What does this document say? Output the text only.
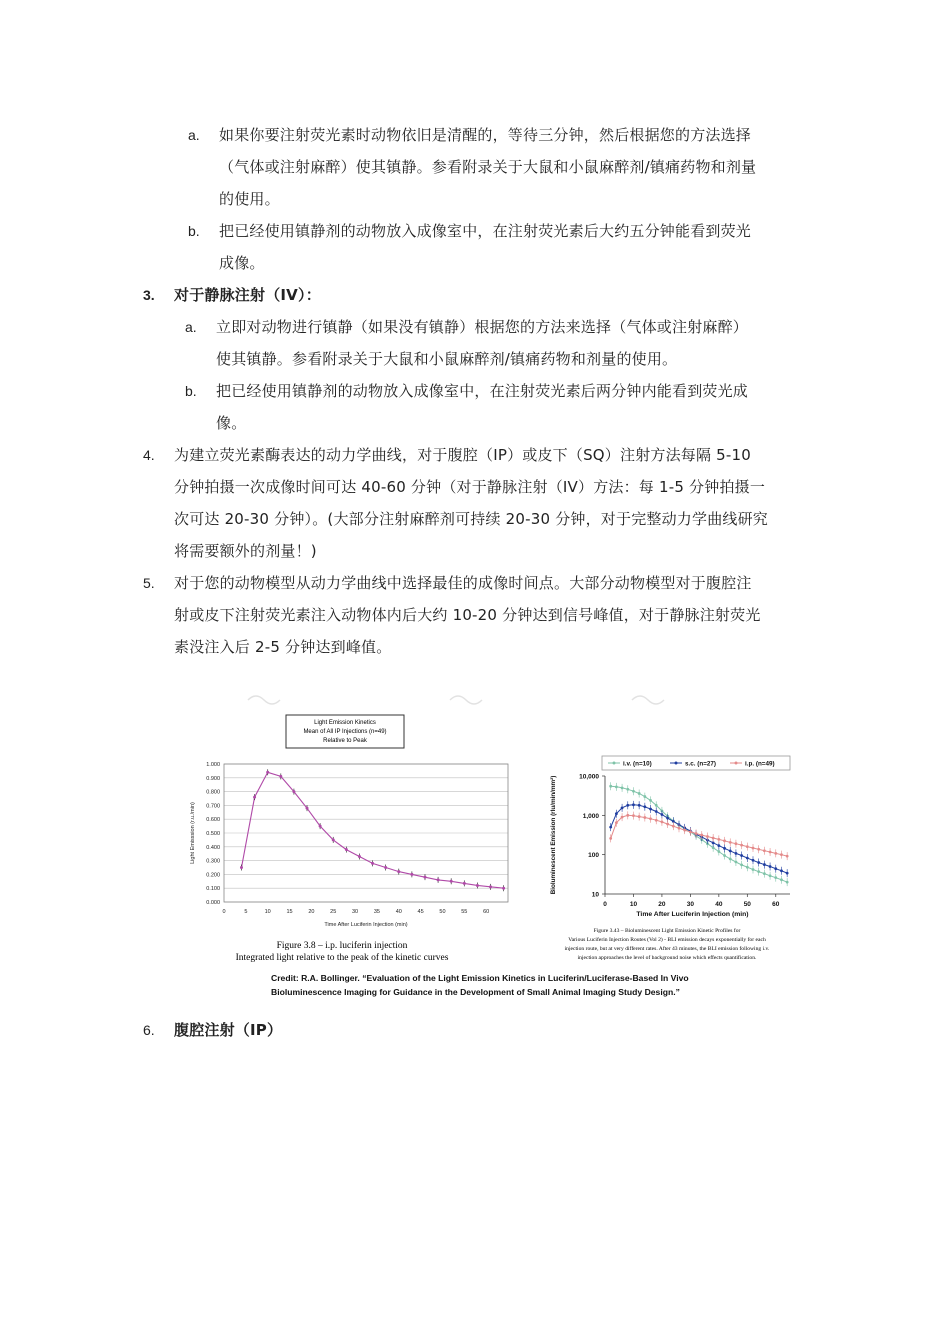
a. 如果你要注射荧光素时动物依旧是清醒的，等待三分钟，然后根据您的方法选择
（气体或注射麻醉）使其镇静。参看附录关于大鼠和小鼠麻醉剂/镇痛药物和剂量
的使用。
b. 把已经使用镇静剂的动物放入成像室中，在注射荧光素后大约五分钟能看到荧光
成像。
3. 对于静脉注射（IV）：
a. 立即对动物进行镇静（如果没有镇静）根据您的方法来选择（气体或注射麻醉）
使其镇静。参看附录关于大鼠和小鼠麻醉剂/镇痛药物和剂量的使用。
b. 把已经使用镇静剂的动物放入成像室中，在注射荧光素后两分钟内能看到荧光成
像。
4. 为建立荧光素酶表达的动力学曲线，对于腹腔（IP）或皮下（SQ）注射方法每隔 5-10
分钟拍摄一次成像时间可达 40-60 分钟（对于静脉注射（IV）方法：每 1-5 分钟拍摄一
次可达 20-30 分钟）。(大部分注射麻醉剂可持续 20-30 分钟，对于完整动力学曲线研究
将需要额外的剂量！)
5. 对于您的动物模型从动力学曲线中选择最佳的成像时间点。大部分动物模型对于腹腔注
射或皮下注射荧光素注入动物体内后大约 10-20 分钟达到信号峰值，对于静脉注射荧光
素没注入后 2-5 分钟达到峰值。
Light Emission Kinetics
Mean of All IP Injections (n=49)
Relative to Peak
0.000
0.100
0.200
0.300
0.400
0.500
0.600
0.700
0.800
0.900
1.000
0	5	10	15	20	25	30	35	40	45	50	55	60
Time After Luciferin Injection (min)
Light Emisssion (r.u./min)
10
100
1,000
10,000
0	10	20	30	40	50	60
Time After Luciferin Injection (min)
Bioluminescent Emission (rlu/min/mm²)
i.v. (n=10)	s.c. (n=27)	i.p. (n=49)
Figure 3.8 – i.p. luciferin injection
Integrated light relative to the peak of the kinetic curves
Figure 3.43 – Bioluminescent Light Emission Kinetic Profiles for
Various Luciferin Injection Routes (Vol 2) - BLI emission decays exponentially for each
injection route, but at very different rates. After 43 minutes, the BLI emission following i.v.
injection approaches the level of background noise which effects quantification.
Credit: R.A. Bollinger. “Evaluation of the Light Emission Kinetics in Luciferin/Luciferase-Based In Vivo
Bioluminescence Imaging for Guidance in the Development of Small Animal Imaging Study Design.”
6. 腹腔注射（IP）
